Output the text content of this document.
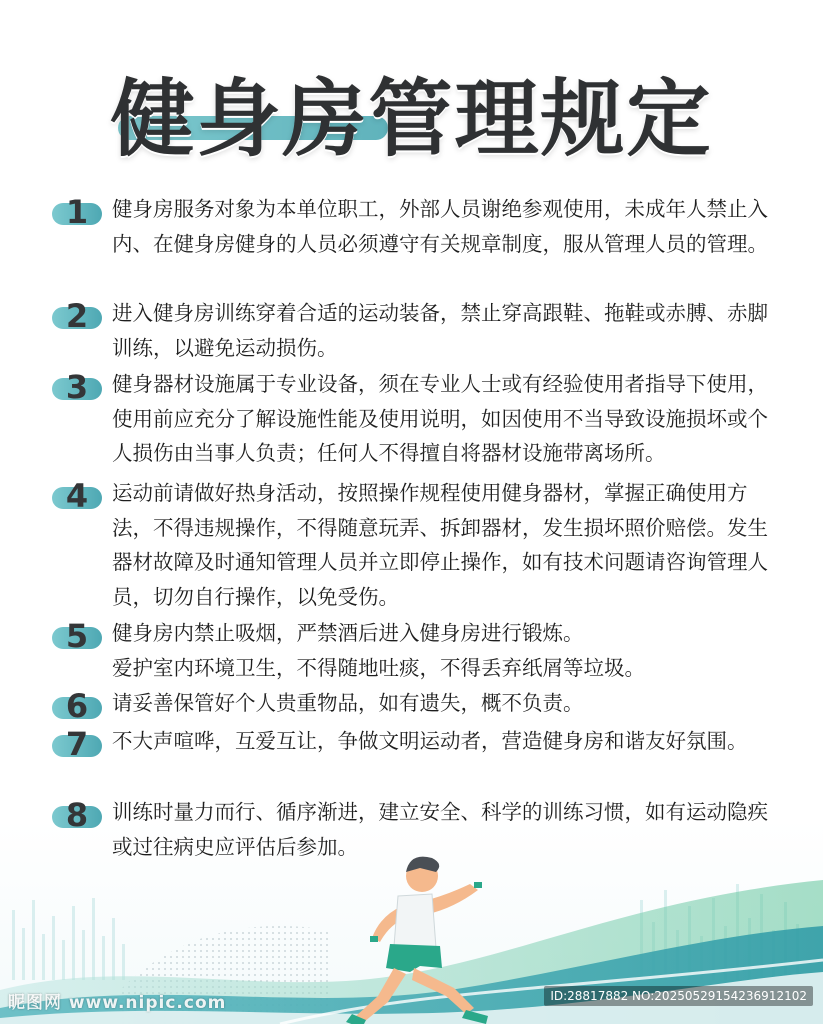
健身房管理规定
1	健身房服务对象为本单位职工，外部人员谢绝参观使用，未成年人禁止入内、在健身房健身的人员必须遵守有关规章制度，服从管理人员的管理。
2	进入健身房训练穿着合适的运动装备，禁止穿高跟鞋、拖鞋或赤膊、赤脚训练，以避免运动损伤。
3	健身器材设施属于专业设备，须在专业人士或有经验使用者指导下使用，使用前应充分了解设施性能及使用说明，如因使用不当导致设施损坏或个人损伤由当事人负责；任何人不得擅自将器材设施带离场所。
4	运动前请做好热身活动，按照操作规程使用健身器材，掌握正确使用方法，不得违规操作，不得随意玩弄、拆卸器材，发生损坏照价赔偿。发生器材故障及时通知管理人员并立即停止操作，如有技术问题请咨询管理人员，切勿自行操作，以免受伤。
5	健身房内禁止吸烟，严禁酒后进入健身房进行锻炼。
爱护室内环境卫生，不得随地吐痰，不得丢弃纸屑等垃圾。
6	请妥善保管好个人贵重物品，如有遗失，概不负责。
7	不大声喧哗，互爱互让，争做文明运动者，营造健身房和谐友好氛围。
8	训练时量力而行、循序渐进，建立安全、科学的训练习惯，如有运动隐疾或过往病史应评估后参加。
昵图网 www.nipic.com	ID:28817882 NO:20250529154236912102
